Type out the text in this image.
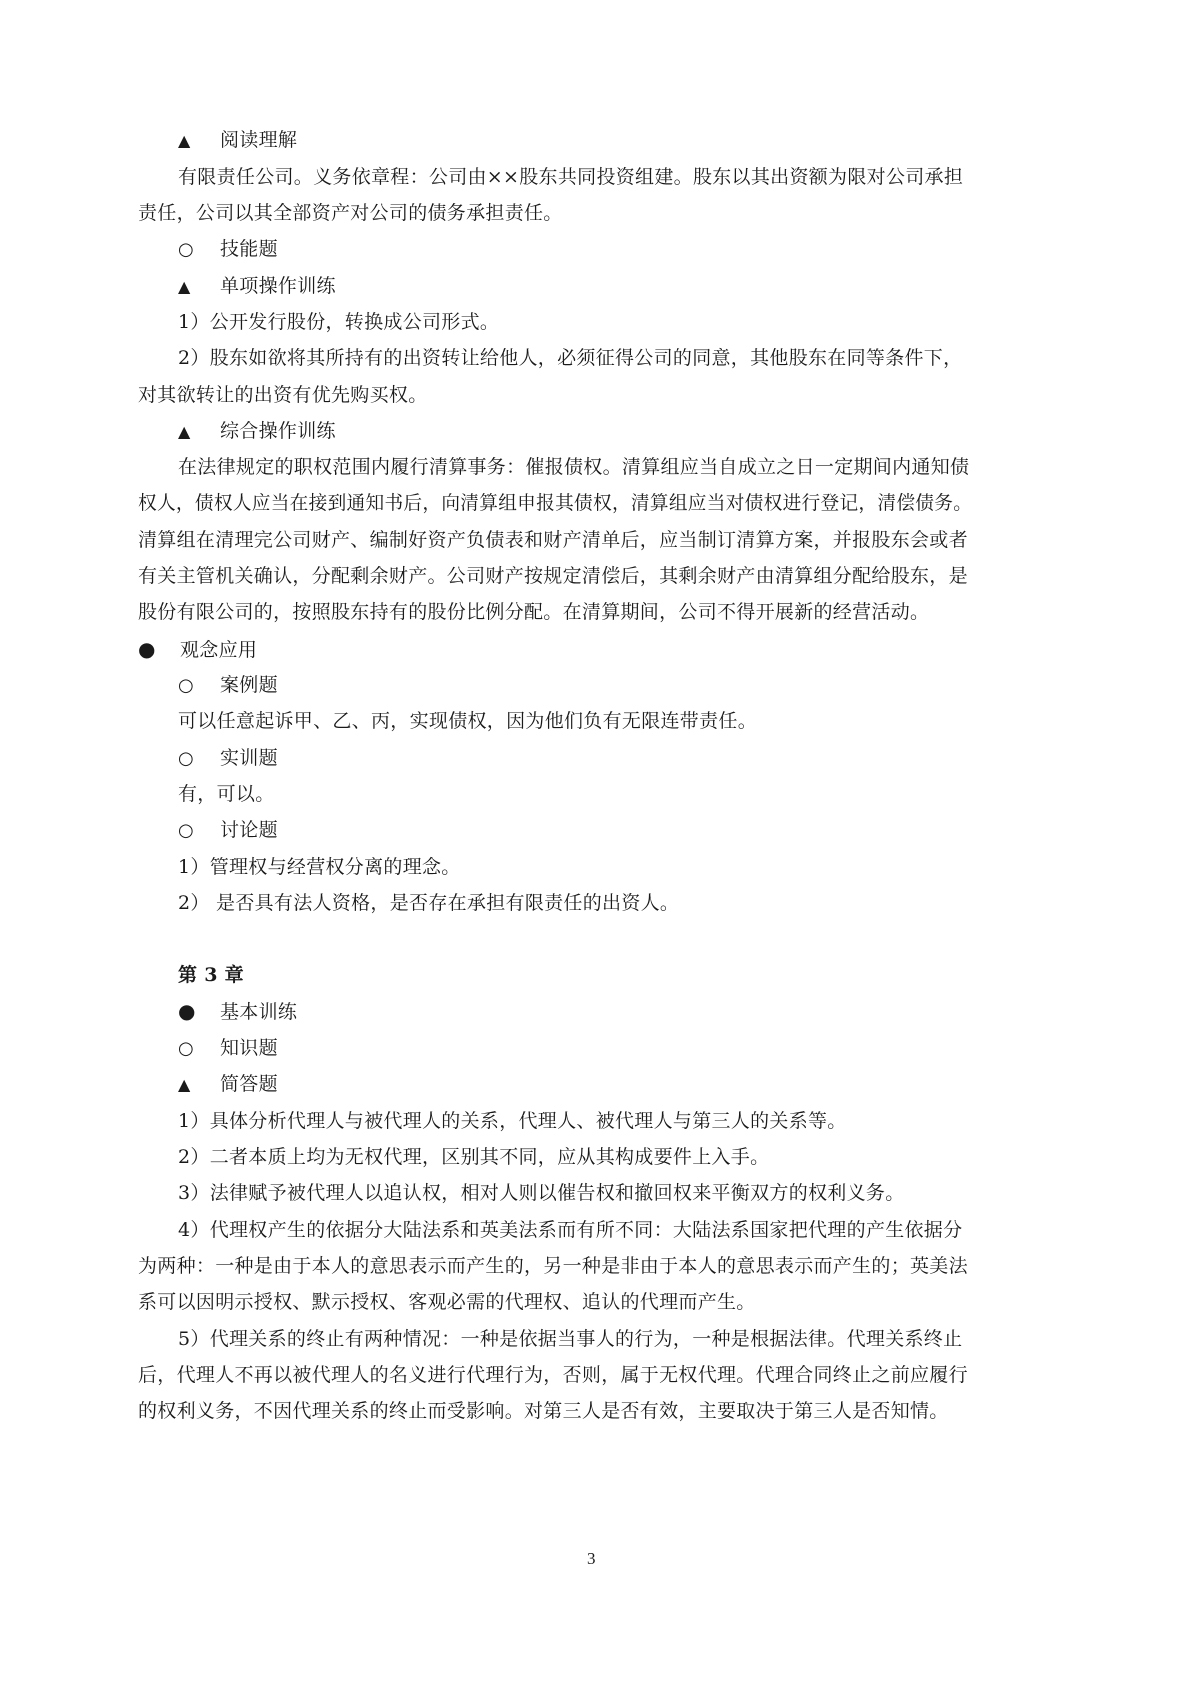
▲ 阅读理解
有限责任公司。义务依章程：公司由××股东共同投资组建。股东以其出资额为限对公司承担
责任，公司以其全部资产对公司的债务承担责任。
○ 技能题
▲ 单项操作训练
1）公开发行股份，转换成公司形式。
2）股东如欲将其所持有的出资转让给他人，必须征得公司的同意，其他股东在同等条件下，
对其欲转让的出资有优先购买权。
▲ 综合操作训练
在法律规定的职权范围内履行清算事务：催报债权。清算组应当自成立之日一定期间内通知债
权人，债权人应当在接到通知书后，向清算组申报其债权，清算组应当对债权进行登记，清偿债务。
清算组在清理完公司财产、编制好资产负债表和财产清单后，应当制订清算方案，并报股东会或者
有关主管机关确认，分配剩余财产。公司财产按规定清偿后，其剩余财产由清算组分配给股东，是
股份有限公司的，按照股东持有的股份比例分配。在清算期间，公司不得开展新的经营活动。
● 观念应用
○ 案例题
可以任意起诉甲、乙、丙，实现债权，因为他们负有无限连带责任。
○ 实训题
有，可以。
○ 讨论题
1）管理权与经营权分离的理念。
2） 是否具有法人资格，是否存在承担有限责任的出资人。
第 3 章
● 基本训练
○ 知识题
▲ 简答题
1）具体分析代理人与被代理人的关系，代理人、被代理人与第三人的关系等。
2）二者本质上均为无权代理，区别其不同，应从其构成要件上入手。
3）法律赋予被代理人以追认权，相对人则以催告权和撤回权来平衡双方的权利义务。
4）代理权产生的依据分大陆法系和英美法系而有所不同：大陆法系国家把代理的产生依据分
为两种：一种是由于本人的意思表示而产生的，另一种是非由于本人的意思表示而产生的；英美法
系可以因明示授权、默示授权、客观必需的代理权、追认的代理而产生。
5）代理关系的终止有两种情况：一种是依据当事人的行为，一种是根据法律。代理关系终止
后，代理人不再以被代理人的名义进行代理行为，否则，属于无权代理。代理合同终止之前应履行
的权利义务，不因代理关系的终止而受影响。对第三人是否有效，主要取决于第三人是否知情。
3
